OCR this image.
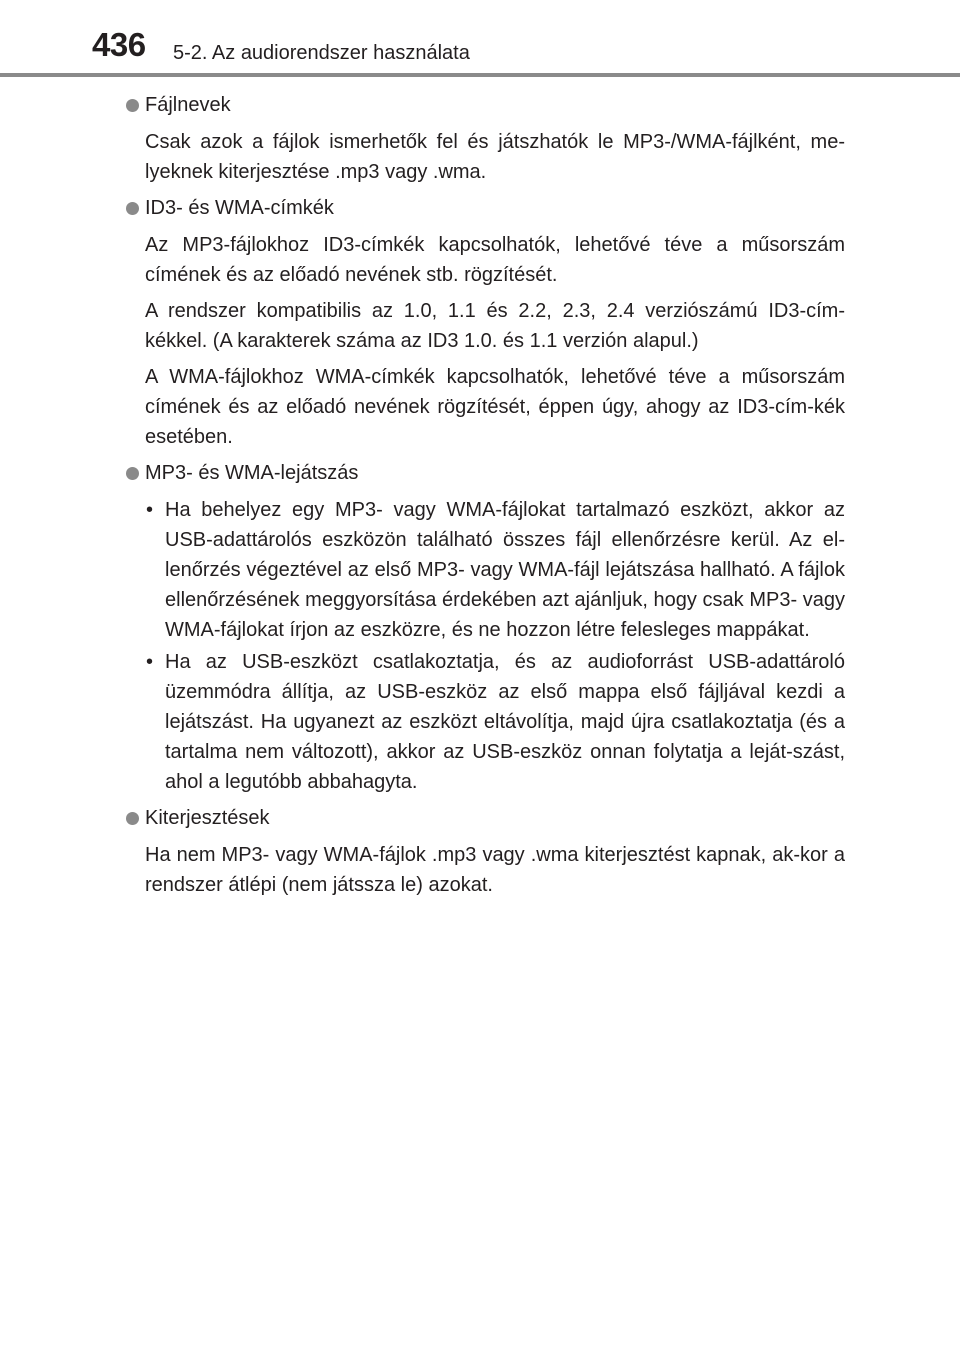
436 5-2. Az audiorendszer használata
Fájlnevek

Csak azok a fájlok ismerhetők fel és játszhatók le MP3-/WMA-fájlként, me-lyeknek kiterjesztése .mp3 vagy .wma.

ID3- és WMA-címkék

Az MP3-fájlokhoz ID3-címkék kapcsolhatók, lehetővé téve a műsorszám címének és az előadó nevének stb. rögzítését.

A rendszer kompatibilis az 1.0, 1.1 és 2.2, 2.3, 2.4 verziószámú ID3-cím-kékkel. (A karakterek száma az ID3 1.0. és 1.1 verzión alapul.)

A WMA-fájlokhoz WMA-címkék kapcsolhatók, lehetővé téve a műsorszám címének és az előadó nevének rögzítését, éppen úgy, ahogy az ID3-cím-kék esetében.

MP3- és WMA-lejátszás
• Ha behelyez egy MP3- vagy WMA-fájlokat tartalmazó eszközt, akkor az USB-adattárolós eszközön található összes fájl ellenőrzésre kerül. Az el-lenőrzés végeztével az első MP3- vagy WMA-fájl lejátszása hallható. A fájlok ellenőrzésének meggyorsítása érdekében azt ajánljuk, hogy csak MP3- vagy WMA-fájlokat írjon az eszközre, és ne hozzon létre felesleges mappákat.
• Ha az USB-eszközt csatlakoztatja, és az audioforrást USB-adattároló üzemmódra állítja, az USB-eszköz az első mappa első fájljával kezdi a lejátszást. Ha ugyanezt az eszközt eltávolítja, majd újra csatlakoztatja (és a tartalma nem változott), akkor az USB-eszköz onnan folytatja a leját-szást, ahol a legutóbb abbahagyta.
Kiterjesztések

Ha nem MP3- vagy WMA-fájlok .mp3 vagy .wma kiterjesztést kapnak, ak-kor a rendszer átlépi (nem játssza le) azokat.
